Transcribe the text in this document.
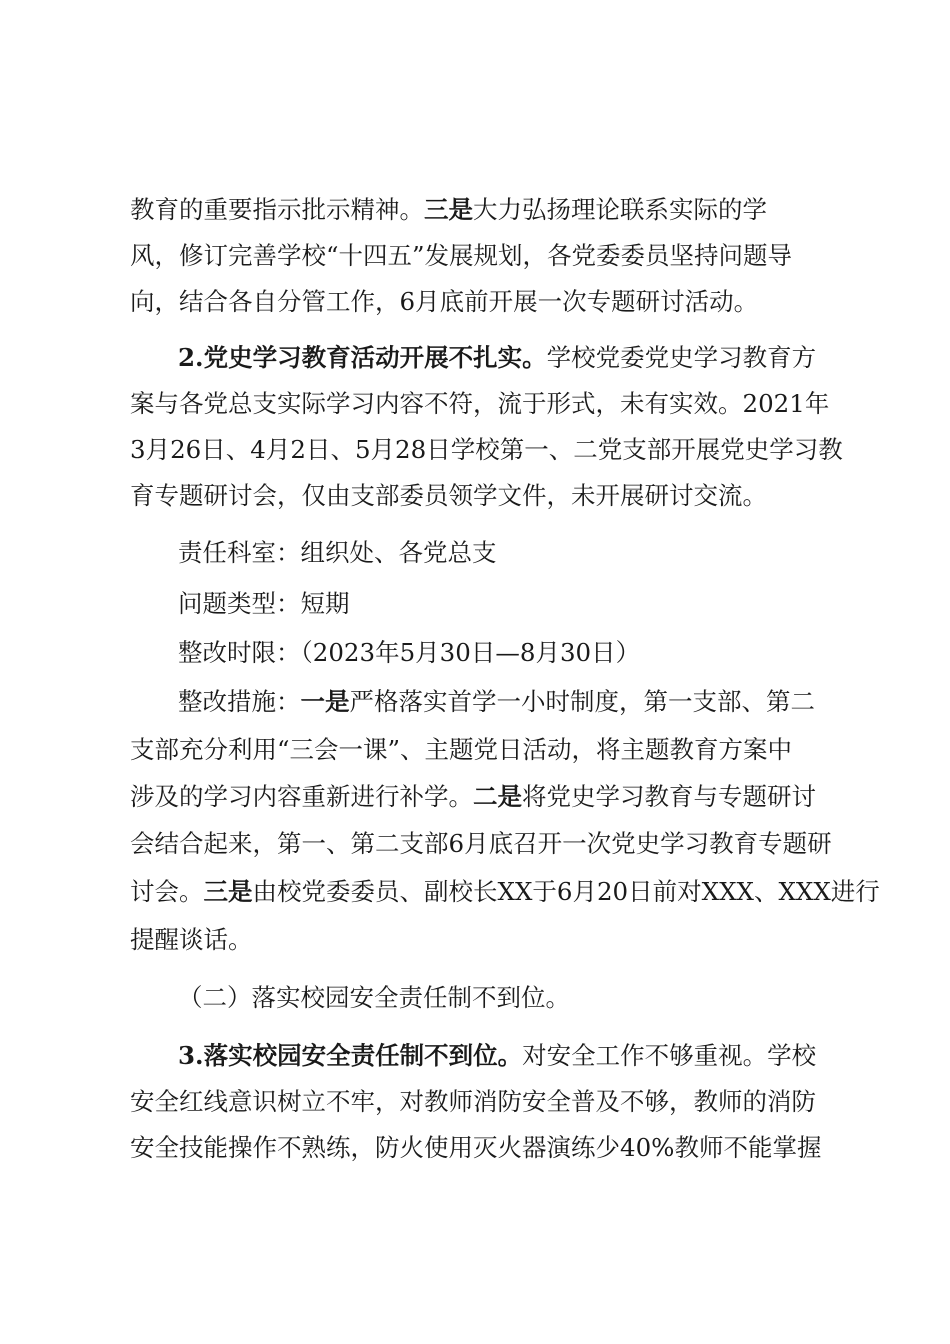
教育的重要指示批示精神。三是大力弘扬理论联系实际的学
风，修订完善学校“十四五”发展规划，各党委委员坚持问题导
向，结合各自分管工作，6月底前开展一次专题研讨活动。
2.党史学习教育活动开展不扎实。学校党委党史学习教育方
案与各党总支实际学习内容不符，流于形式，未有实效。2021年
3月26日、4月2日、5月28日学校第一、二党支部开展党史学习教
育专题研讨会，仅由支部委员领学文件，未开展研讨交流。
责任科室：组织处、各党总支
问题类型：短期
整改时限：（2023年5月30日—8月30日）
整改措施：一是严格落实首学一小时制度，第一支部、第二
支部充分利用“三会一课”、主题党日活动，将主题教育方案中
涉及的学习内容重新进行补学。二是将党史学习教育与专题研讨
会结合起来，第一、第二支部6月底召开一次党史学习教育专题研
讨会。三是由校党委委员、副校长XX于6月20日前对XXX、XXX进行
提醒谈话。
（二）落实校园安全责任制不到位。
3.落实校园安全责任制不到位。对安全工作不够重视。学校
安全红线意识树立不牢，对教师消防安全普及不够，教师的消防
安全技能操作不熟练，防火使用灭火器演练少40%教师不能掌握
